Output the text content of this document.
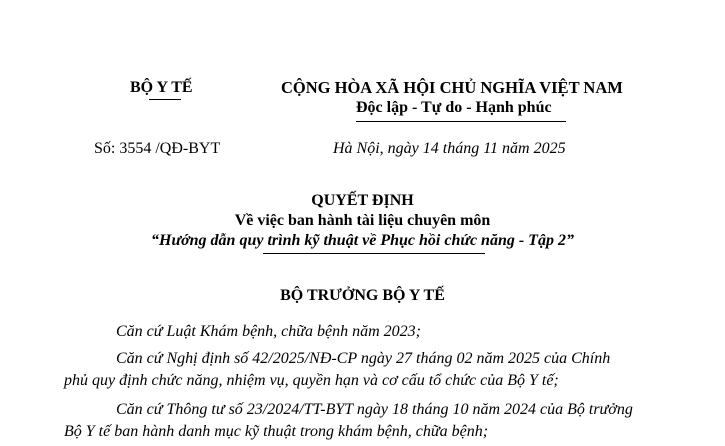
BỘ Y TẾ	CỘNG HÒA XÃ HỘI CHỦ NGHĨA VIỆT NAM
Độc lập - Tự do - Hạnh phúc
Số: 3554 /QĐ-BYT	Hà Nội, ngày 14 tháng 11 năm 2025
QUYẾT ĐỊNH
Về việc ban hành tài liệu chuyên môn
“Hướng dẫn quy trình kỹ thuật về Phục hồi chức năng - Tập 2”
BỘ TRƯỞNG BỘ Y TẾ
Căn cứ Luật Khám bệnh, chữa bệnh năm 2023;
Căn cứ Nghị định số 42/2025/NĐ-CP ngày 27 tháng 02 năm 2025 của Chính
phủ quy định chức năng, nhiệm vụ, quyền hạn và cơ cấu tổ chức của Bộ Y tế;
Căn cứ Thông tư số 23/2024/TT-BYT ngày 18 tháng 10 năm 2024 của Bộ trưởng
Bộ Y tế ban hành danh mục kỹ thuật trong khám bệnh, chữa bệnh;
